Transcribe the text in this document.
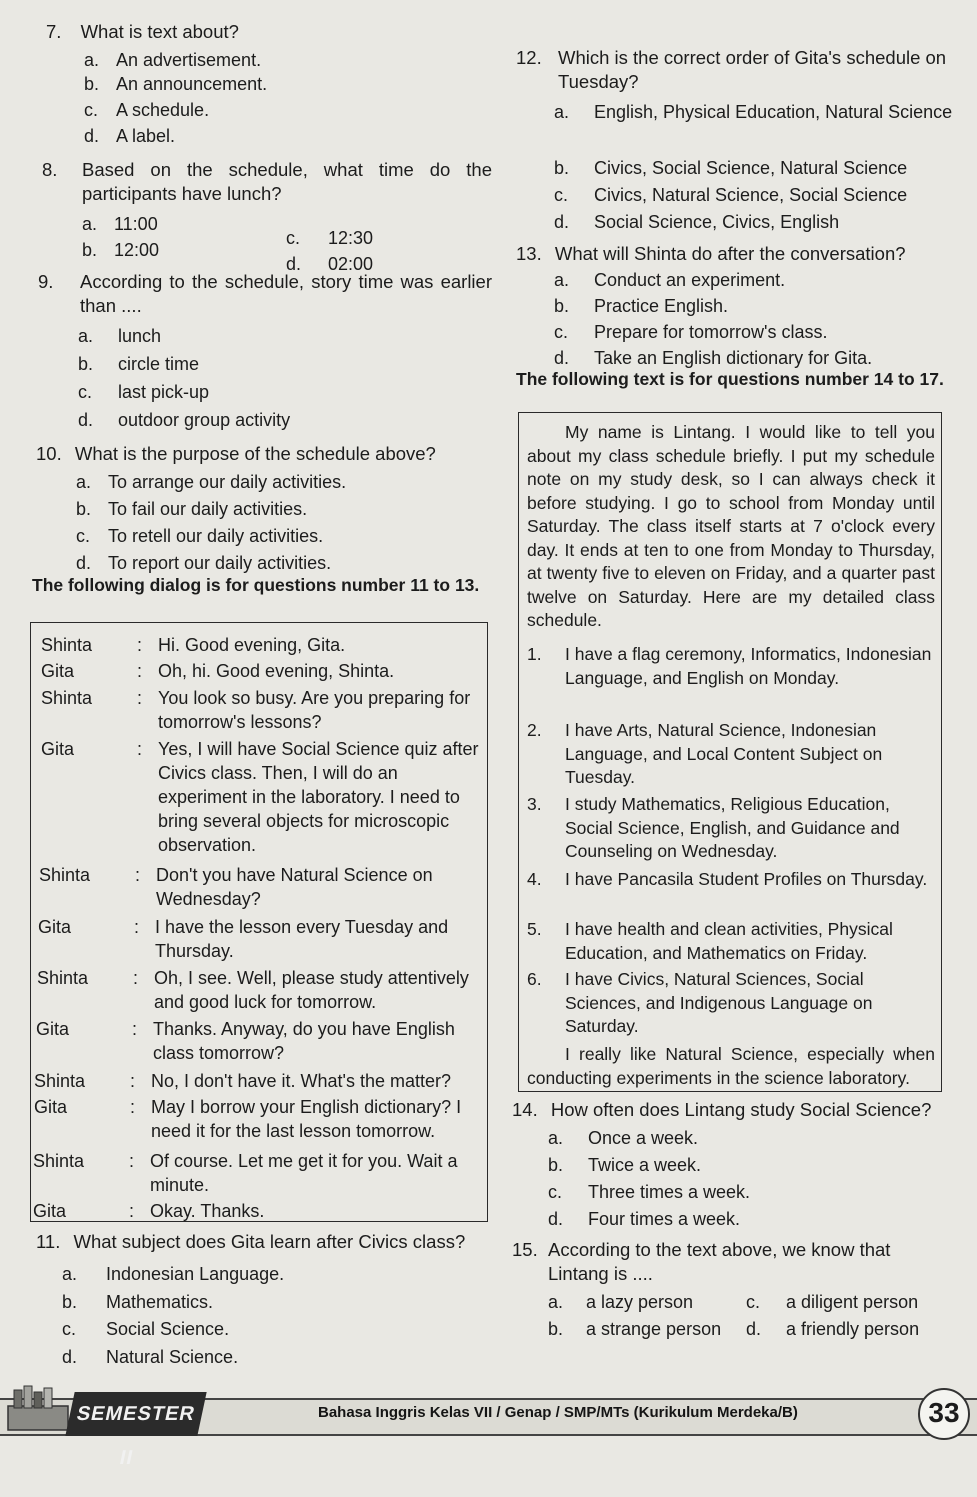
7. What is text about?
a. An advertisement.
b. An announcement.
c. A schedule.
d. A label.
8.	Based on the schedule, what time do the participants have lunch?
a. 11:00
b. 12:00
c. 12:30
d. 02:00
9.	According to the schedule, story time was earlier than ....
a. lunch
b. circle time
c. last pick-up
d. outdoor group activity
10. What is the purpose of the schedule above?
a. To arrange our daily activities.
b. To fail our daily activities.
c. To retell our daily activities.
d. To report our daily activities.
The following dialog is for questions number 11 to 13.
Shinta	: Hi. Good evening, Gita.
Gita	: Oh, hi. Good evening, Shinta.
Shinta	: You look so busy. Are you preparing for tomorrow's lessons?
Gita	: Yes, I will have Social Science quiz after Civics class. Then, I will do an experiment in the laboratory. I need to bring several objects for microscopic observation.
Shinta	: Don't you have Natural Science on Wednesday?
Gita	: I have the lesson every Tuesday and Thursday.
Shinta	: Oh, I see. Well, please study attentively and good luck for tomorrow.
Gita	: Thanks. Anyway, do you have English class tomorrow?
Shinta	: No, I don't have it. What's the matter?
Gita	: May I borrow your English dictionary? I need it for the last lesson tomorrow.
Shinta	: Of course. Let me get it for you. Wait a minute.
Gita	: Okay. Thanks.
11. What subject does Gita learn after Civics class?
a. Indonesian Language.
b. Mathematics.
c. Social Science.
d. Natural Science.
12. Which is the correct order of Gita's schedule on Tuesday?
a.	English, Physical Education, Natural Science
b. Civics, Social Science, Natural Science
c. Civics, Natural Science, Social Science
d. Social Science, Civics, English
13. What will Shinta do after the conversation?
a. Conduct an experiment.
b. Practice English.
c. Prepare for tomorrow's class.
d. Take an English dictionary for Gita.
The following text is for questions number 14 to 17.
My name is Lintang. I would like to tell you about my class schedule briefly. I put my schedule note on my study desk, so I can always check it before studying. I go to school from Monday until Saturday. The class itself starts at 7 o'clock every day. It ends at ten to one from Monday to Thursday, at twenty five to eleven on Friday, and a quarter past twelve on Saturday. Here are my detailed class schedule.
1.	I have a flag ceremony, Informatics, Indonesian Language, and English on Monday.
2.	I have Arts, Natural Science, Indonesian Language, and Local Content Subject on Tuesday.
3.	I study Mathematics, Religious Education, Social Science, English, and Guidance and Counseling on Wednesday.
4.	I have Pancasila Student Profiles on Thursday.
5.	I have health and clean activities, Physical Education, and Mathematics on Friday.
6.	I have Civics, Natural Sciences, Social Sciences, and Indigenous Language on Saturday.
I really like Natural Science, especially when conducting experiments in the science laboratory.
14. How often does Lintang study Social Science?
a. Once a week.
b. Twice a week.
c. Three times a week.
d. Four times a week.
15. According to the text above, we know that Lintang is ....
a. a lazy person
b. a strange person
c. a diligent person
d. a friendly person
SEMESTER II
Bahasa Inggris Kelas VII / Genap / SMP/MTs (Kurikulum Merdeka/B)	33
